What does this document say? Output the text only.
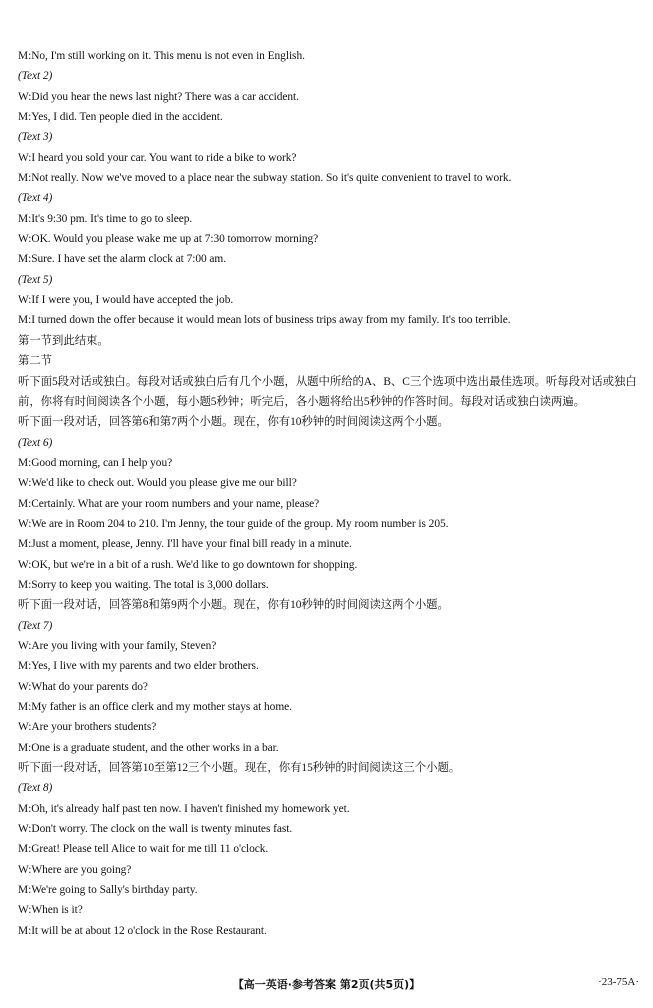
M:No, I'm still working on it. This menu is not even in English.
(Text 2)
W:Did you hear the news last night? There was a car accident.
M:Yes, I did. Ten people died in the accident.
(Text 3)
W:I heard you sold your car. You want to ride a bike to work?
M:Not really. Now we've moved to a place near the subway station. So it's quite convenient to travel to work.
(Text 4)
M:It's 9:30 pm. It's time to go to sleep.
W:OK. Would you please wake me up at 7:30 tomorrow morning?
M:Sure. I have set the alarm clock at 7:00 am.
(Text 5)
W:If I were you, I would have accepted the job.
M:I turned down the offer because it would mean lots of business trips away from my family. It's too terrible.
第一节到此结束。
第二节
听下面5段对话或独白。每段对话或独白后有几个小题，从题中所给的A、B、C三个选项中选出最佳选项。听每段对话或独白前，你将有时间阅读各个小题，每小题5秒钟；听完后，各小题将给出5秒钟的作答时间。每段对话或独白读两遍。
听下面一段对话，回答第6和第7两个小题。现在，你有10秒钟的时间阅读这两个小题。
(Text 6)
M:Good morning, can I help you?
W:We'd like to check out. Would you please give me our bill?
M:Certainly. What are your room numbers and your name, please?
W:We are in Room 204 to 210. I'm Jenny, the tour guide of the group. My room number is 205.
M:Just a moment, please, Jenny. I'll have your final bill ready in a minute.
W:OK, but we're in a bit of a rush. We'd like to go downtown for shopping.
M:Sorry to keep you waiting. The total is 3,000 dollars.
听下面一段对话，回答第8和第9两个小题。现在，你有10秒钟的时间阅读这两个小题。
(Text 7)
W:Are you living with your family, Steven?
M:Yes, I live with my parents and two elder brothers.
W:What do your parents do?
M:My father is an office clerk and my mother stays at home.
W:Are your brothers students?
M:One is a graduate student, and the other works in a bar.
听下面一段对话，回答第10至第12三个小题。现在，你有15秒钟的时间阅读这三个小题。
(Text 8)
M:Oh, it's already half past ten now. I haven't finished my homework yet.
W:Don't worry. The clock on the wall is twenty minutes fast.
M:Great! Please tell Alice to wait for me till 11 o'clock.
W:Where are you going?
M:We're going to Sally's birthday party.
W:When is it?
M:It will be at about 12 o'clock in the Rose Restaurant.
【高一英语·参考答案 第2页(共5页)】	·23-75A·
